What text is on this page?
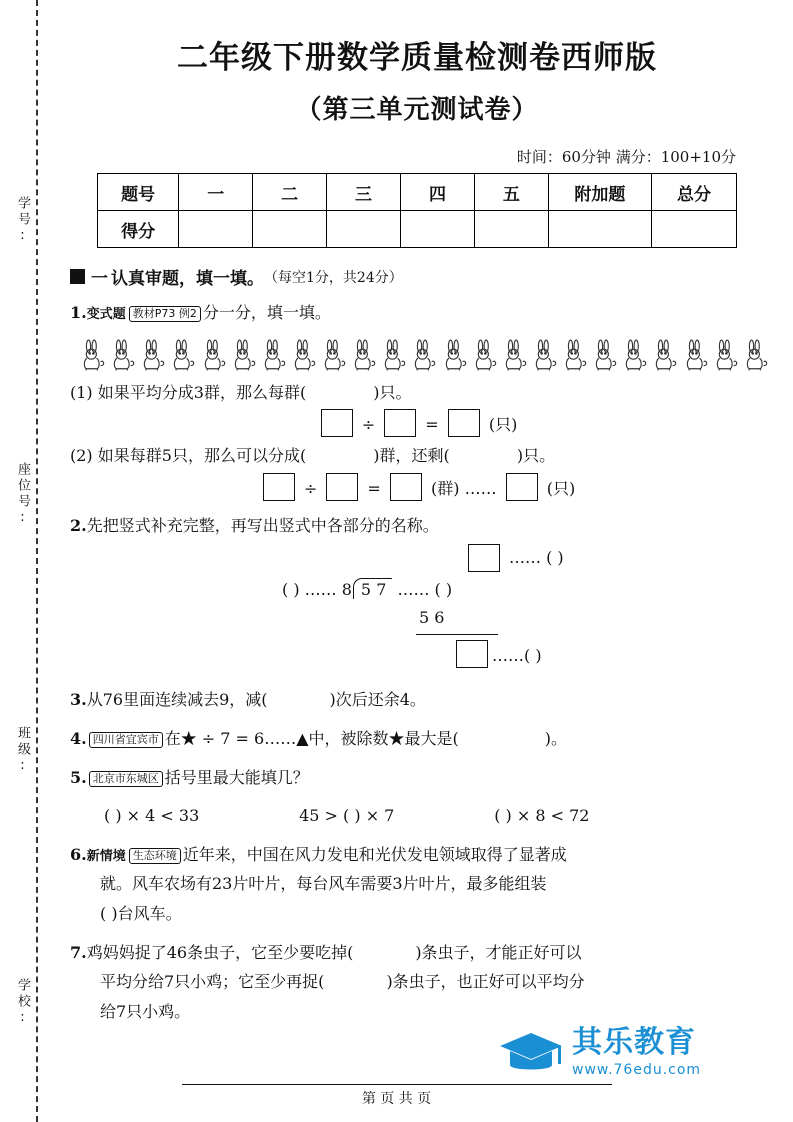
学号:
座位号:
班级:
学校:
二年级下册数学质量检测卷西师版
（第三单元测试卷）
时间：60分钟 满分：100+10分
题号	一	二	三	四	五	附加题	总分
得分							
一 认真审题，填一填。 （每空1分，共24分）
1.变式题 教材P73 例2 分一分，填一填。
(1) 如果平均分成3群，那么每群(	)只。
÷	=	(只)
(2) 如果每群5只，那么可以分成(	)群，还剩(	)只。
÷	=	(群) ……	(只)
2.先把竖式补充完整，再写出竖式中各部分的名称。
…… ( )
( ) …… 8 5 7 …… ( )
5 6
……( )
3.从76里面连续减去9，减(	)次后还余4。
4. 四川省宜宾市 在★ ÷ 7 = 6……▲中，被除数★最大是(	)。
5. 北京市东城区 括号里最大能填几？
( ) × 4 < 33	45 > ( ) × 7	( ) × 8 < 72
6.新情境 生态环境 近年来，中国在风力发电和光伏发电领域取得了显著成
就。风车农场有23片叶片，每台风车需要3片叶片，最多能组装
( )台风车。
7.鸡妈妈捉了46条虫子，它至少要吃掉(	)条虫子，才能正好可以
平均分给7只小鸡；它至少再捉(	)条虫子，也正好可以平均分
给7只小鸡。
其乐教育
www.76edu.com
第 页 共 页
